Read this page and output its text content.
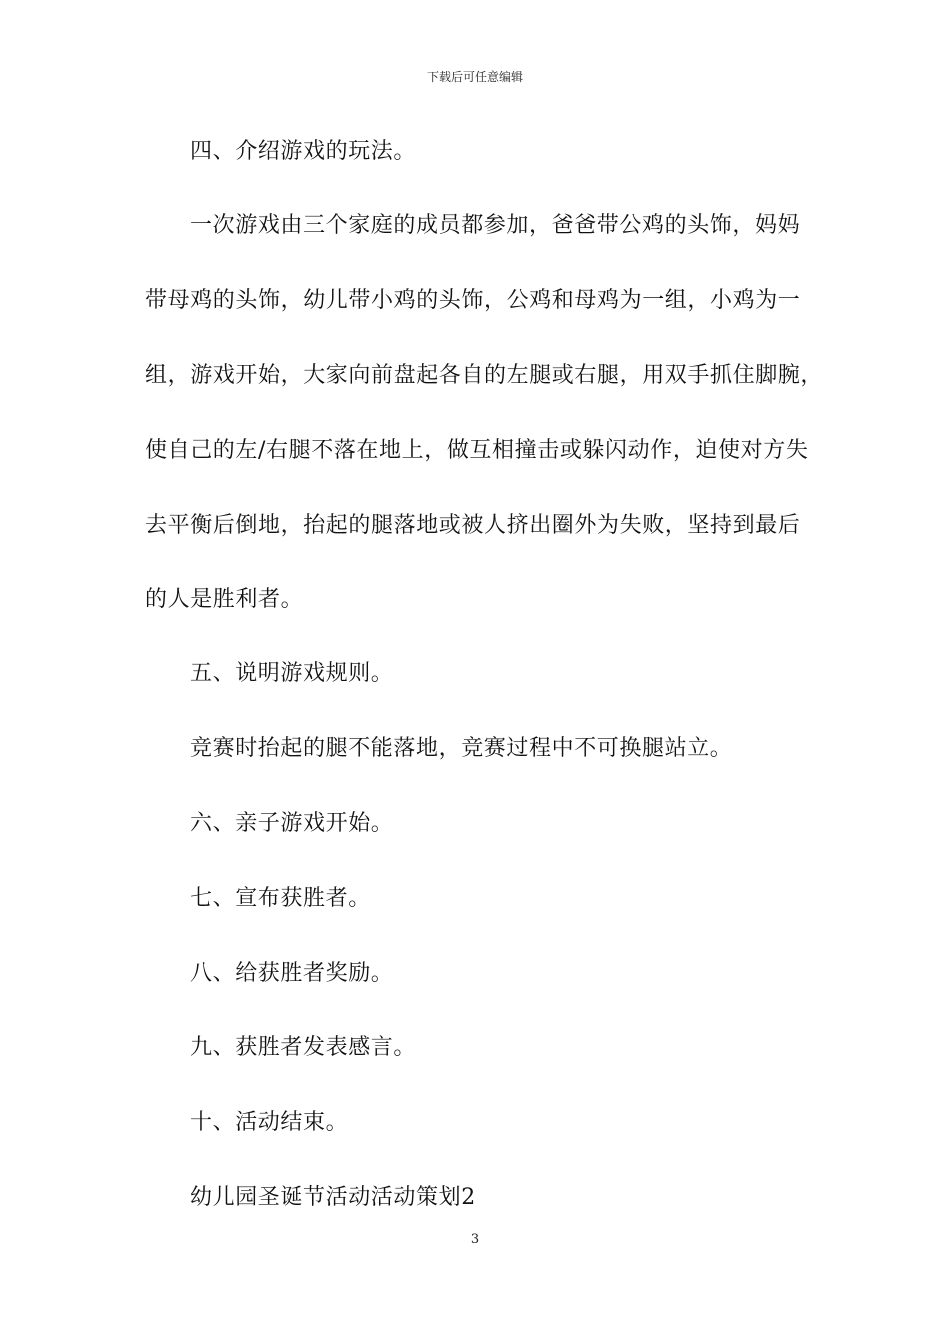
下载后可任意编辑
四、介绍游戏的玩法。
一次游戏由三个家庭的成员都参加，爸爸带公鸡的头饰，妈妈
带母鸡的头饰，幼儿带小鸡的头饰，公鸡和母鸡为一组，小鸡为一
组，游戏开始，大家向前盘起各自的左腿或右腿，用双手抓住脚腕，
使自己的左/右腿不落在地上，做互相撞击或躲闪动作，迫使对方失
去平衡后倒地，抬起的腿落地或被人挤出圈外为失败，坚持到最后
的人是胜利者。
五、说明游戏规则。
竞赛时抬起的腿不能落地，竞赛过程中不可换腿站立。
六、亲子游戏开始。
七、宣布获胜者。
八、给获胜者奖励。
九、获胜者发表感言。
十、活动结束。
幼儿园圣诞节活动活动策划2
3
